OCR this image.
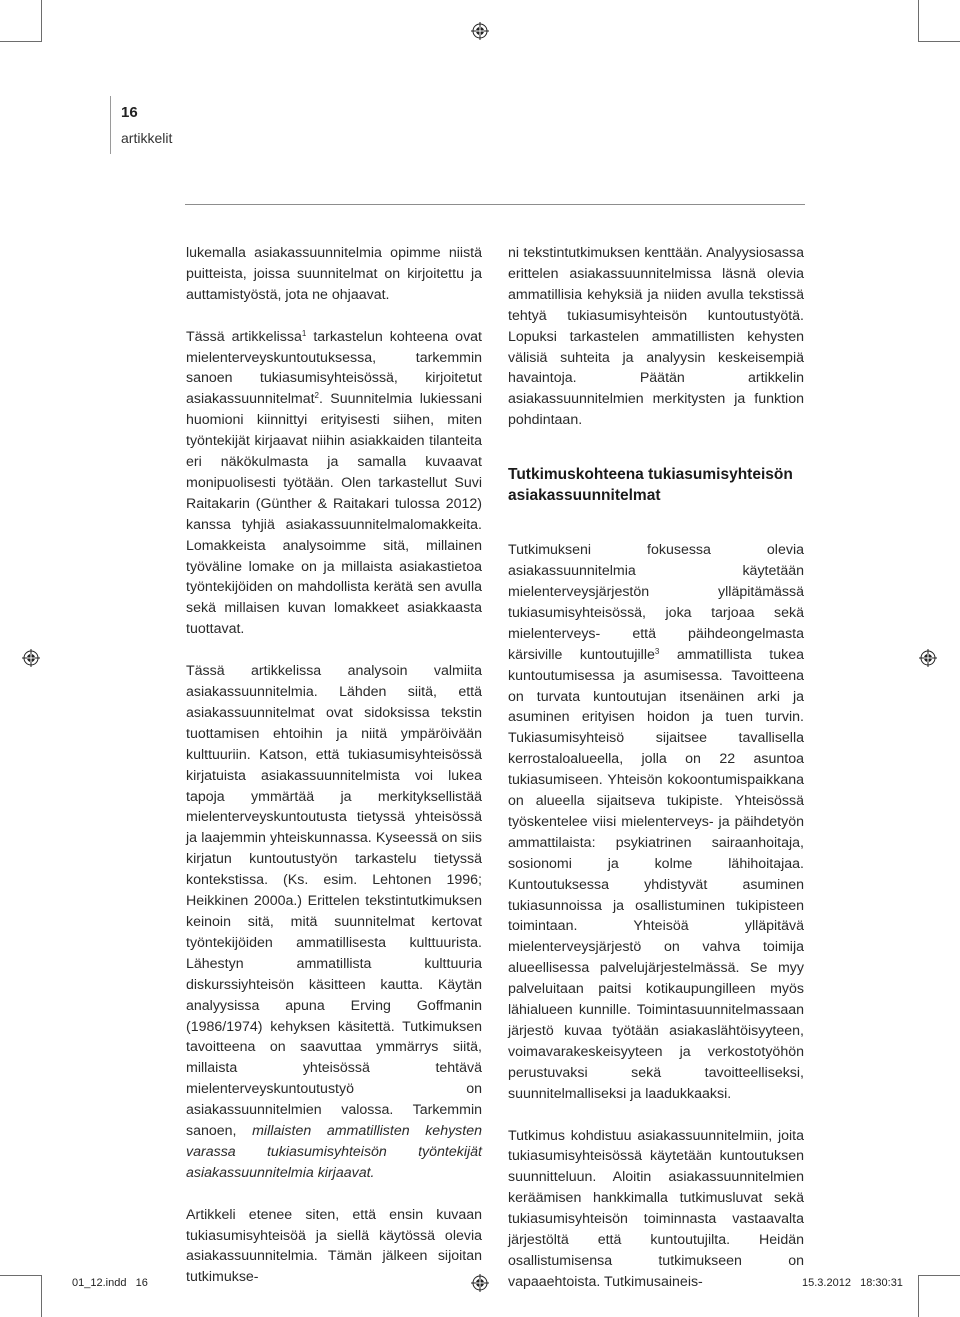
16
artikkelit

lukemalla asiakassuunnitelmia opimme niistä puitteista, joissa suunnitelmat on kirjoitettu ja auttamistyöstä, jota ne ohjaavat.

Tässä artikkelissa$^1$ tarkastelun kohteena ovat mielenterveyskuntoutuksessa, tarkemmin sanoen tukiasumisyhteisössä, kirjoitetut asiakassuunnitelmat$^2$. Suunnitelmia lukiessani huomioni kiinnittyi erityisesti siihen, miten työntekijät kirjaavat niihin asiakkaiden tilanteita eri näkökulmasta ja samalla kuvaavat monipuolisesti työtään. Olen tarkastellut Suvi Raitakarin (Günther & Raitakari tulossa 2012) kanssa tyhjiä asiakassuunnitelmalomakkeita. Lomakkeista analysoimme sitä, millainen työväline lomake on ja millaista asiakastietoa työntekijöiden on mahdollista kerätä sen avulla sekä millaisen kuvan lomakkeet asiakkaasta tuottavat.

Tässä artikkelissa analysoin valmiita asiakassuunnitelmia. Lähden siitä, että asiakassuunnitelmat ovat sidoksissa tekstin tuottamisen ehtoihin ja niitä ympäröivään kulttuuriin. Katson, että tukiasumisyhteisössä kirjatuista asiakassuunnitelmista voi lukea tapoja ymmärtää ja merkityksellistää mielenterveyskuntoutusta tietyssä yhteisössä ja laajemmin yhteiskunnassa. Kyseessä on siis kirjatun kuntoutustyön tarkastelu tietyssä kontekstissa. (Ks. esim. Lehtonen 1996; Heikkinen 2000a.) Erittelen tekstintutkimuksen keinoin sitä, mitä suunnitelmat kertovat työntekijöiden ammatillisesta kulttuurista. Lähestyn ammatillista kulttuuria diskurssiyhteisön käsitteen kautta. Käytän analyysissa apuna Erving Goffmanin (1986/1974) kehyksen käsitettä. Tutkimuksen tavoitteena on saavuttaa ymmärrys siitä, millaista yhteisössä tehtävä mielenterveyskuntoutustyö on asiakassuunnitelmien valossa. Tarkemmin sanoen, millaisten ammatillisten kehysten varassa tukiasumisyhteisön työntekijät asiakassuunnitelmia kirjaavat.

Artikkeli etenee siten, että ensin kuvaan tukiasumisyhteisöä ja siellä käytössä olevia asiakassuunnitelmia. Tämän jälkeen sijoitan tutkimukse-

ni tekstintutkimuksen kenttään. Analyysiosassa erittelen asiakassuunnitelmissa läsnä olevia ammatillisia kehyksiä ja niiden avulla tekstissä tehtyä tukiasumisyhteisön kuntoutustyötä. Lopuksi tarkastelen ammatillisten kehysten välisiä suhteita ja analyysin keskeisempiä havaintoja. Päätän artikkelin asiakassuunnitelmien merkitysten ja funktion pohdintaan.

Tutkimuskohteena tukiasumisyhteisön asiakassuunnitelmat

Tutkimukseni fokusessa olevia asiakassuunnitelmia käytetään mielenterveysjärjestön ylläpitämässä tukiasumisyhteisössä, joka tarjoaa sekä mielenterveys- että päihdeongelmasta kärsiville kuntoutujille$^3$ ammatillista tukea kuntoutumisessa ja asumisessa. Tavoitteena on turvata kuntoutujan itsenäinen arki ja asuminen erityisen hoidon ja tuen turvin. Tukiasumisyhteisö sijaitsee tavallisella kerrostaloalueella, jolla on 22 asuntoa tukiasumiseen. Yhteisön kokoontumispaikkana on alueella sijaitseva tukipiste. Yhteisössä työskentelee viisi mielenterveys- ja päihdetyön ammattilaista: psykiatrinen sairaanhoitaja, sosionomi ja kolme lähihoitajaa. Kuntoutuksessa yhdistyvät asuminen tukiasunnoissa ja osallistuminen tukipisteen toimintaan. Yhteisöä ylläpitävä mielenterveysjärjestö on vahva toimija alueellisessa palvelujärjestelmässä. Se myy palveluitaan paitsi kotikaupungilleen myös lähialueen kunnille. Toimintasuunnitelmassaan järjestö kuvaa työtään asiakaslähtöisyyteen, voimavarakeskeisyyteen ja verkostotyöhön perustuvaksi sekä tavoitteelliseksi, suunnitelmalliseksi ja laadukkaaksi.

Tutkimus kohdistuu asiakassuunnitelmiin, joita tukiasumisyhteisössä käytetään kuntoutuksen suunnitteluun. Aloitin asiakassuunnitelmien keräämisen hankkimalla tutkimusluvat sekä tukiasumisyhteisön toiminnasta vastaavalta järjestöltä että kuntoutujilta. Heidän osallistumisensa tutkimukseen on vapaaehtoista. Tutkimusaineis-

01_12.indd   16	15.3.2012   18:30:31
